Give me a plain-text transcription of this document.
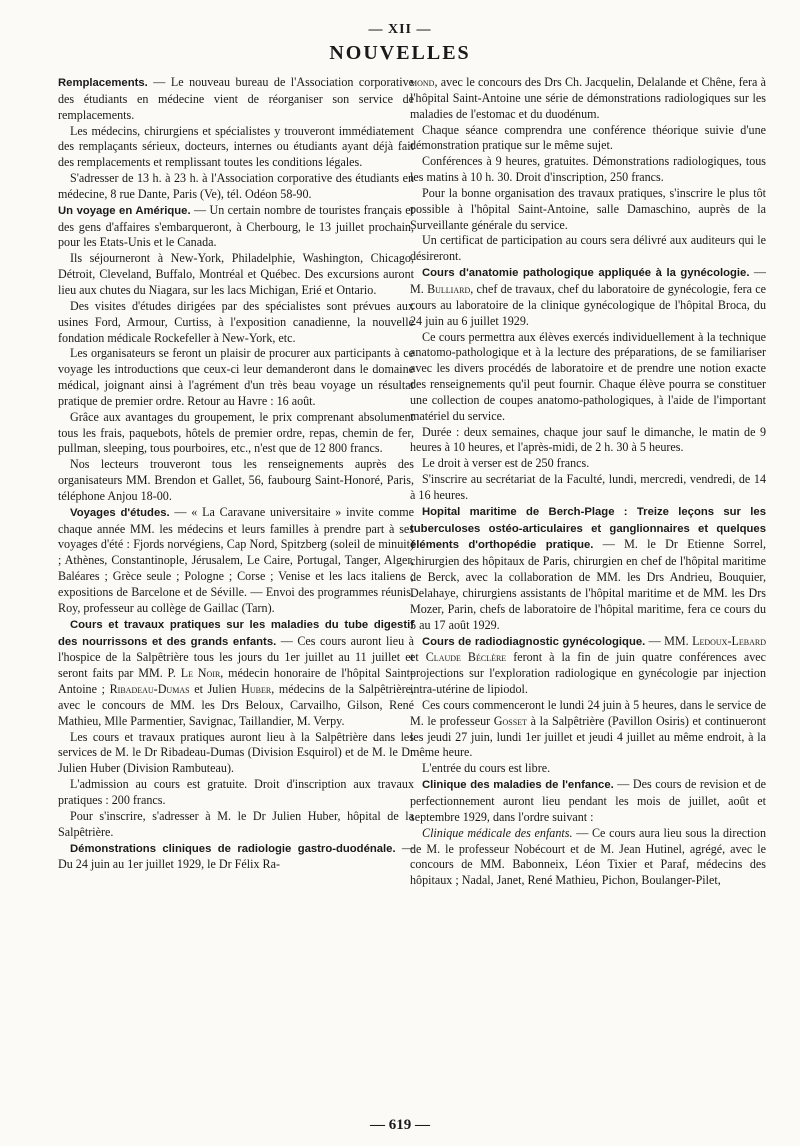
— XII —
NOUVELLES

Remplacements. — Le nouveau bureau de l'Association corporative des étudiants en médecine vient de réorganiser son service de remplacements.

Les médecins, chirurgiens et spécialistes y trouveront immédiatement des remplaçants sérieux, docteurs, internes ou étudiants ayant déjà fait des remplacements et remplissant toutes les conditions légales.

S'adresser de 13 h. à 23 h. à l'Association corporative des étudiants en médecine, 8 rue Dante, Paris (Ve), tél. Odéon 58-90.

Un voyage en Amérique. — Un certain nombre de touristes français et des gens d'affaires s'embarqueront, à Cherbourg, le 13 juillet prochain, pour les Etats-Unis et le Canada.

Ils séjourneront à New-York, Philadelphie, Washington, Chicago, Détroit, Cleveland, Buffalo, Montréal et Québec. Des excursions auront lieu aux chutes du Niagara, sur les lacs Michigan, Erié et Ontario.

Des visites d'études dirigées par des spécialistes sont prévues aux usines Ford, Armour, Curtiss, à l'exposition canadienne, la nouvelle fondation médicale Rockefeller à New-York, etc.

Les organisateurs se feront un plaisir de procurer aux participants à ce voyage les introductions que ceux-ci leur demanderont dans le domaine médical, joignant ainsi à l'agrément d'un très beau voyage un résultat pratique de premier ordre. Retour au Havre : 16 août.

Grâce aux avantages du groupement, le prix comprenant absolument tous les frais, paquebots, hôtels de premier ordre, repas, chemin de fer, pullman, sleeping, tous pourboires, etc., n'est que de 12 800 francs.

Nos lecteurs trouveront tous les renseignements auprès des organisateurs MM. Brendon et Gallet, 56, faubourg Saint-Honoré, Paris, téléphone Anjou 18-00.

Voyages d'études. — « La Caravane universitaire » invite comme chaque année MM. les médecins et leurs familles à prendre part à ses voyages d'été : Fjords norvégiens, Cap Nord, Spitzberg (soleil de minuit) ; Athènes, Constantinople, Jérusalem, Le Caire, Portugal, Tanger, Alger, Baléares ; Grèce seule ; Pologne ; Corse ; Venise et les lacs italiens ; expositions de Barcelone et de Séville. — Envoi des programmes réunis. Roy, professeur au collège de Gaillac (Tarn).

Cours et travaux pratiques sur les maladies du tube digestif des nourrissons et des grands enfants. — Ces cours auront lieu à l'hospice de la Salpêtrière tous les jours du 1er juillet au 11 juillet et seront faits par MM. P. Le Noir, médecin honoraire de l'hôpital Saint-Antoine ; Ribadeau-Dumas et Julien Huber, médecins de la Salpêtrière, avec le concours de MM. les Drs Beloux, Carvailho, Gilson, René Mathieu, Mlle Parmentier, Savignac, Taillandier, M. Verpy.

Les cours et travaux pratiques auront lieu à la Salpêtrière dans les services de M. le Dr Ribadeau-Dumas (Division Esquirol) et de M. le Dr Julien Huber (Division Rambuteau).

L'admission au cours est gratuite. Droit d'inscription aux travaux pratiques : 200 francs.

Pour s'inscrire, s'adresser à M. le Dr Julien Huber, hôpital de la Salpêtrière.

Démonstrations cliniques de radiologie gastro-duodénale. — Du 24 juin au 1er juillet 1929, le Dr Félix Ra-

mond, avec le concours des Drs Ch. Jacquelin, Delalande et Chêne, fera à l'hôpital Saint-Antoine une série de démonstrations radiologiques sur les maladies de l'estomac et du duodénum.

Chaque séance comprendra une conférence théorique suivie d'une démonstration pratique sur le même sujet.

Conférences à 9 heures, gratuites. Démonstrations radiologiques, tous les matins à 10 h. 30. Droit d'inscription, 250 francs.

Pour la bonne organisation des travaux pratiques, s'inscrire le plus tôt possible à l'hôpital Saint-Antoine, salle Damaschino, auprès de la Surveillante générale du service.

Un certificat de participation au cours sera délivré aux auditeurs qui le désireront.

Cours d'anatomie pathologique appliquée à la gynécologie. — M. Bulliard, chef de travaux, chef du laboratoire de gynécologie, fera ce cours au laboratoire de la clinique gynécologique de l'hôpital Broca, du 24 juin au 6 juillet 1929.

Ce cours permettra aux élèves exercés individuellement à la technique anatomo-pathologique et à la lecture des préparations, de se familiariser avec les divers procédés de laboratoire et de prendre une notion exacte des renseignements qu'il peut fournir. Chaque élève pourra se constituer une collection de coupes anatomo-pathologiques, à l'aide de l'important matériel du service.

Durée : deux semaines, chaque jour sauf le dimanche, le matin de 9 heures à 10 heures, et l'après-midi, de 2 h. 30 à 5 heures.

Le droit à verser est de 250 francs.

S'inscrire au secrétariat de la Faculté, lundi, mercredi, vendredi, de 14 à 16 heures.

Hopital maritime de Berch-Plage : Treize leçons sur les tuberculoses ostéo-articulaires et ganglionnaires et quelques éléments d'orthopédie pratique. — M. le Dr Etienne Sorrel, chirurgien des hôpitaux de Paris, chirurgien en chef de l'hôpital maritime de Berck, avec la collaboration de MM. les Drs Andrieu, Bouquier, Delahaye, chirurgiens assistants de l'hôpital maritime et de MM. les Drs Mozer, Parin, chefs de laboratoire de l'hôpital maritime, fera ce cours du 5 au 17 août 1929.

Cours de radiodiagnostic gynécologique. — MM. Ledoux-Lebard et Claude Béclère feront à la fin de juin quatre conférences avec projections sur l'exploration radiologique en gynécologie par injection intra-utérine de lipiodol.

Ces cours commenceront le lundi 24 juin à 5 heures, dans le service de M. le professeur Gosset à la Salpêtrière (Pavillon Osiris) et continueront les jeudi 27 juin, lundi 1er juillet et jeudi 4 juillet au même endroit, à la même heure.

L'entrée du cours est libre.

Clinique des maladies de l'enfance. — Des cours de revision et de perfectionnement auront lieu pendant les mois de juillet, août et septembre 1929, dans l'ordre suivant :

Clinique médicale des enfants. — Ce cours aura lieu sous la direction de M. le professeur Nobécourt et de M. Jean Hutinel, agrégé, avec le concours de MM. Babonneix, Léon Tixier et Paraf, médecins des hôpitaux ; Nadal, Janet, René Mathieu, Pichon, Boulanger-Pilet,

— 619 —
